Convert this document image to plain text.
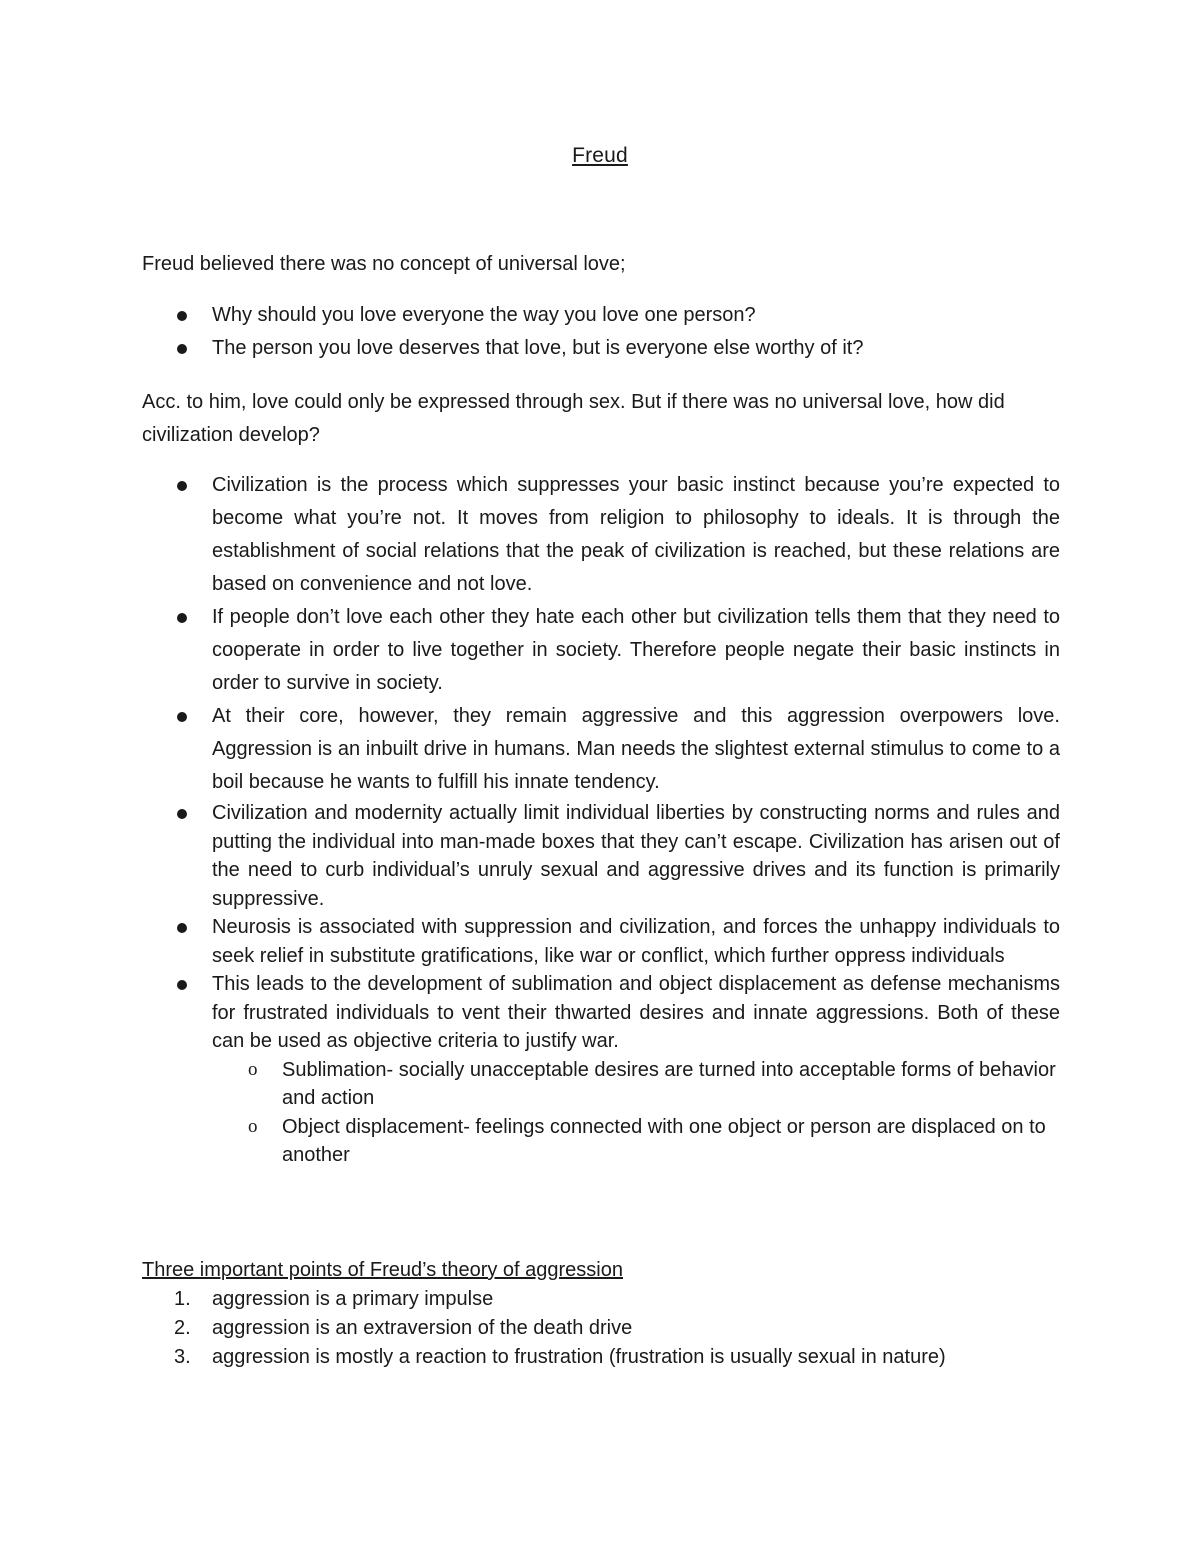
Freud

Freud believed there was no concept of universal love;

Why should you love everyone the way you love one person?
The person you love deserves that love, but is everyone else worthy of it?

Acc. to him, love could only be expressed through sex. But if there was no universal love, how did civilization develop?

Civilization is the process which suppresses your basic instinct because you’re expected to become what you’re not. It moves from religion to philosophy to ideals. It is through the establishment of social relations that the peak of civilization is reached, but these relations are based on convenience and not love.
If people don’t love each other they hate each other but civilization tells them that they need to cooperate in order to live together in society. Therefore people negate their basic instincts in order to survive in society.
At their core, however, they remain aggressive and this aggression overpowers love. Aggression is an inbuilt drive in humans. Man needs the slightest external stimulus to come to a boil because he wants to fulfill his innate tendency.
Civilization and modernity actually limit individual liberties by constructing norms and rules and putting the individual into man-made boxes that they can’t escape. Civilization has arisen out of the need to curb individual’s unruly sexual and aggressive drives and its function is primarily suppressive.
Neurosis is associated with suppression and civilization, and forces the unhappy individuals to seek relief in substitute gratifications, like war or conflict, which further oppress individuals
This leads to the development of sublimation and object displacement as defense mechanisms for frustrated individuals to vent their thwarted desires and innate aggressions. Both of these can be used as objective criteria to justify war.
o Sublimation- socially unacceptable desires are turned into acceptable forms of behavior and action
o Object displacement- feelings connected with one object or person are displaced on to another

Three important points of Freud’s theory of aggression

1. aggression is a primary impulse
2. aggression is an extraversion of the death drive
3. aggression is mostly a reaction to frustration (frustration is usually sexual in nature)
